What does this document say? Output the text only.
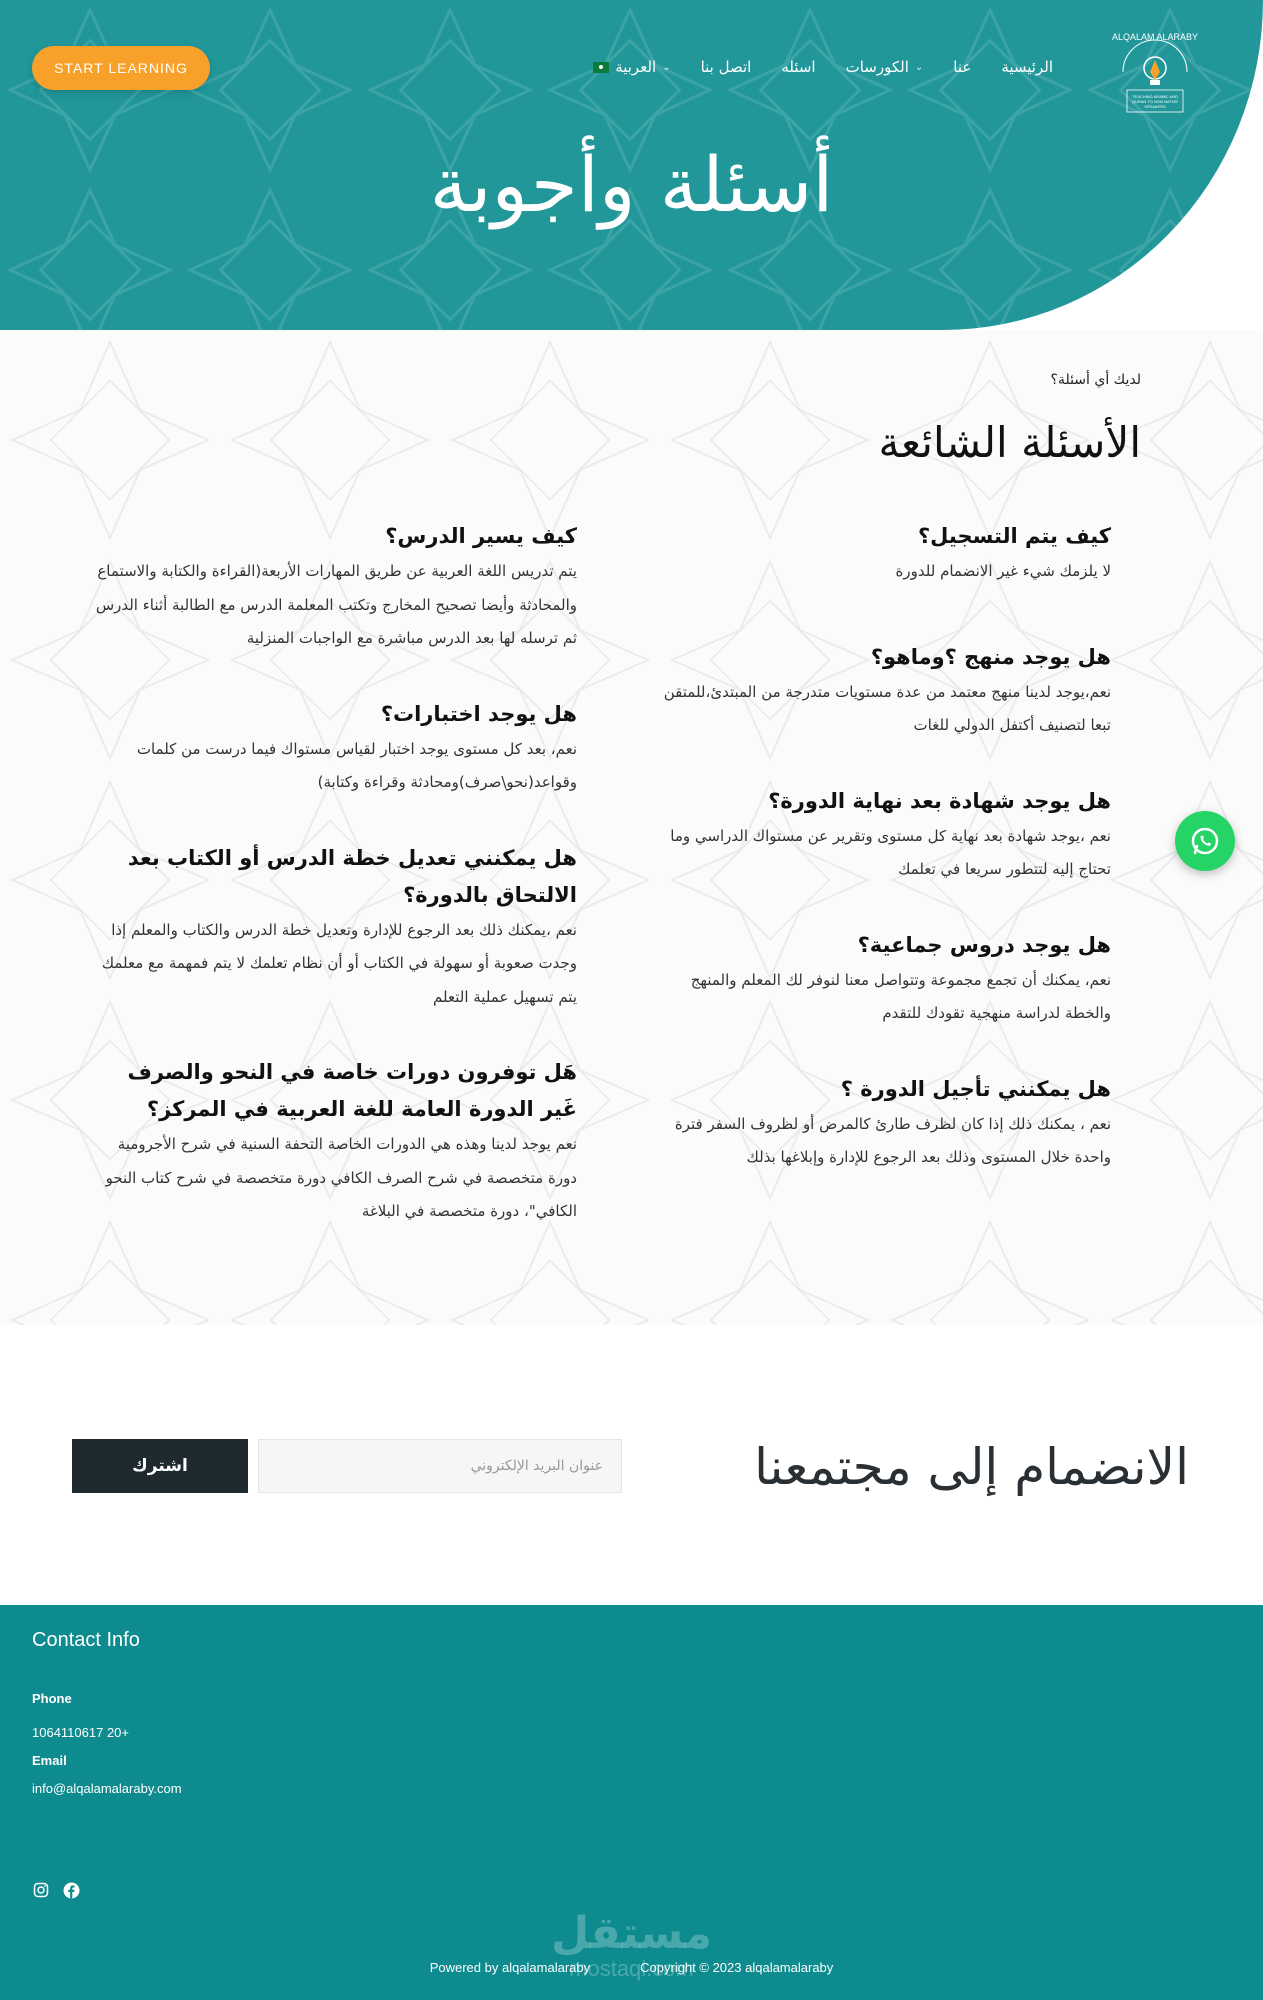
ALQALAM ALARABY
TEACHING ARABIC AND
QURAN TO NON NATIVE
SPEAKERS
الرئيسية
عنا
الكورسات ⌄
اسئله
اتصل بنا
العربية ⌄
START LEARNING
أسئلة وأجوبة
لديك أي أسئلة؟
الأسئلة الشائعة
كيف يتم التسجيل؟
لا يلزمك شيء غير الانضمام للدورة
هل يوجد منهج ؟وماهو؟
نعم،يوجد لدينا منهج معتمد من عدة مستويات متدرجة من المبتدئ،للمتقن تبعا لتصنيف أكتفل الدولي للغات
هل يوجد شهادة بعد نهاية الدورة؟
نعم ،يوجد شهادة بعد نهاية كل مستوى وتقرير عن مستواك الدراسي وما تحتاج إليه لتتطور سريعا في تعلمك
هل يوجد دروس جماعية؟
نعم، يمكنك أن تجمع مجموعة وتتواصل معنا لنوفر لك المعلم والمنهج والخطة لدراسة منهجية تقودك للتقدم
هل يمكنني تأجيل الدورة ؟
نعم ، يمكنك ذلك إذا كان لظرف طارئ كالمرض أو لظروف السفر فترة واحدة خلال المستوى وذلك بعد الرجوع للإدارة وإبلاغها بذلك
كيف يسير الدرس؟
يتم تدريس اللغة العربية عن طريق المهارات الأربعة(القراءة والكتابة والاستماع والمحادثة وأيضا تصحيح المخارج وتكتب المعلمة الدرس مع الطالبة أثناء الدرس ثم ترسله لها بعد الدرس مباشرة مع الواجبات المنزلية
هل يوجد اختبارات؟
نعم، بعد كل مستوى يوجد اختبار لقياس مستواك فيما درست من كلمات وقواعد(نحو\صرف)ومحادثة وقراءة وكتابة)
هل يمكنني تعديل خطة الدرس أو الكتاب بعد الالتحاق بالدورة؟
نعم ،يمكنك ذلك بعد الرجوع للإدارة وتعديل خطة الدرس والكتاب والمعلم إذا وجدت صعوبة أو سهولة في الكتاب أو أن نظام تعلمك لا يتم فمهمة مع معلمك يتم تسهيل عملية التعلم
هَل توفرون دورات خاصة في النحو والصرف غَير الدورة العامة للغة العربية في المركز؟
نعم يوجد لدينا وهذه هي الدورات الخاصة التحفة السنية في شرح الأجرومية دورة متخصصة في شرح الصرف الكافي دورة متخصصة في شرح كتاب النحو الكافي"، دورة متخصصة في البلاغة
الانضمام إلى مجتمعنا
عنوان البريد الإلكتروني
اشترك
Contact Info
Phone
1064110617 20+
Email
info@alqalamalaraby.com
مستقل
mostaql.com
Powered by alqalamalaraby	Copyright © 2023 alqalamalaraby
